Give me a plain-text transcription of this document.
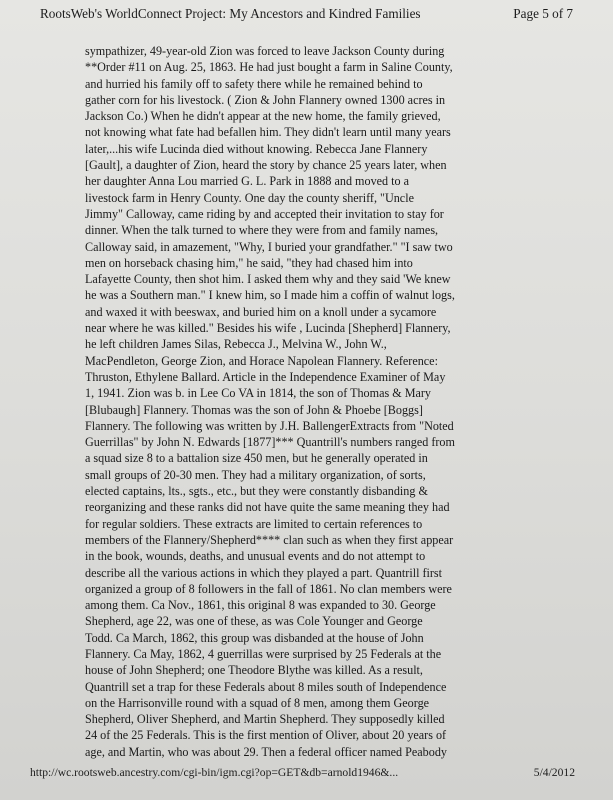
RootsWeb's WorldConnect Project: My Ancestors and Kindred Families	Page 5 of 7
sympathizer, 49-year-old Zion was forced to leave Jackson County during
**Order #11 on Aug. 25, 1863. He had just bought a farm in Saline County,
and hurried his family off to safety there while he remained behind to
gather corn for his livestock. ( Zion & John Flannery owned 1300 acres in
Jackson Co.) When he didn't appear at the new home, the family grieved,
not knowing what fate had befallen him. They didn't learn until many years
later,...his wife Lucinda died without knowing. Rebecca Jane Flannery
[Gault], a daughter of Zion, heard the story by chance 25 years later, when
her daughter Anna Lou married G. L. Park in 1888 and moved to a
livestock farm in Henry County. One day the county sheriff, "Uncle
Jimmy" Calloway, came riding by and accepted their invitation to stay for
dinner. When the talk turned to where they were from and family names,
Calloway said, in amazement, "Why, I buried your grandfather." "I saw two
men on horseback chasing him," he said, "they had chased him into
Lafayette County, then shot him. I asked them why and they said 'We knew
he was a Southern man." I knew him, so I made him a coffin of walnut logs,
and waxed it with beeswax, and buried him on a knoll under a sycamore
near where he was killed." Besides his wife , Lucinda [Shepherd] Flannery,
he left children James Silas, Rebecca J., Melvina W., John W.,
MacPendleton, George Zion, and Horace Napolean Flannery. Reference:
Thruston, Ethylene Ballard. Article in the Independence Examiner of May
1, 1941. Zion was b. in Lee Co VA in 1814, the son of Thomas & Mary
[Blubaugh] Flannery. Thomas was the son of John & Phoebe [Boggs]
Flannery. The following was written by J.H. BallengerExtracts from "Noted
Guerrillas" by John N. Edwards [1877]*** Quantrill's numbers ranged from
a squad size 8 to a battalion size 450 men, but he generally operated in
small groups of 20-30 men. They had a military organization, of sorts,
elected captains, lts., sgts., etc., but they were constantly disbanding &
reorganizing and these ranks did not have quite the same meaning they had
for regular soldiers. These extracts are limited to certain references to
members of the Flannery/Shepherd**** clan such as when they first appear
in the book, wounds, deaths, and unusual events and do not attempt to
describe all the various actions in which they played a part. Quantrill first
organized a group of 8 followers in the fall of 1861. No clan members were
among them. Ca Nov., 1861, this original 8 was expanded to 30. George
Shepherd, age 22, was one of these, as was Cole Younger and George
Todd. Ca March, 1862, this group was disbanded at the house of John
Flannery. Ca May, 1862, 4 guerrillas were surprised by 25 Federals at the
house of John Shepherd; one Theodore Blythe was killed. As a result,
Quantrill set a trap for these Federals about 8 miles south of Independence
on the Harrisonville round with a squad of 8 men, among them George
Shepherd, Oliver Shepherd, and Martin Shepherd. They supposedly killed
24 of the 25 Federals. This is the first mention of Oliver, about 20 years of
age, and Martin, who was about 29. Then a federal officer named Peabody
http://wc.rootsweb.ancestry.com/cgi-bin/igm.cgi?op=GET&db=arnold1946&...	5/4/2012
